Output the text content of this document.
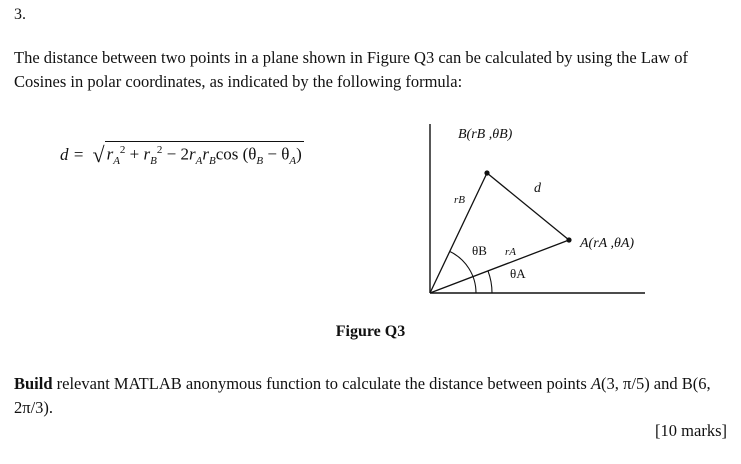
3.
The distance between two points in a plane shown in Figure Q3 can be calculated by using the Law of Cosines in polar coordinates, as indicated by the following formula:
d = √ $r_A^2 + r_B^2 - 2r_Ar_B\cos$ $(\theta_B - \theta_A)$
B(rB ,θB)
A(rA ,θA)
d
rB
rA
θB
θA
Figure Q3
Build relevant MATLAB anonymous function to calculate the distance between points A(3, π/5) and B(6, 2π/3).
[10 marks]
